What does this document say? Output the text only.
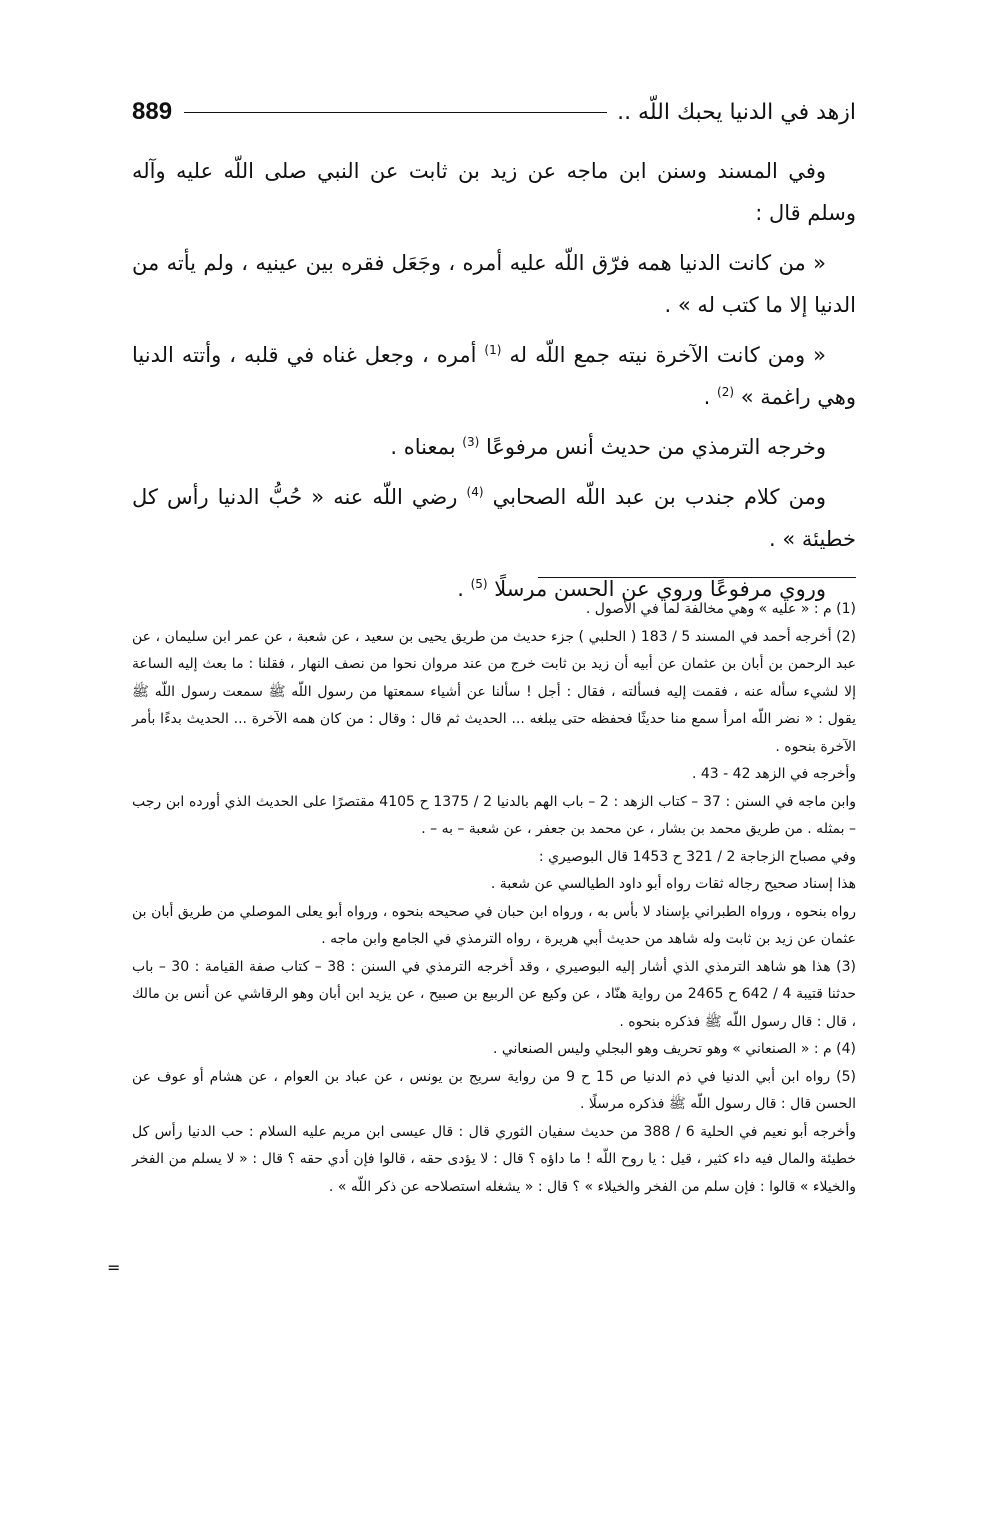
ازهد في الدنيا يحبك اللّه ..
889

وفي المسند وسنن ابن ماجه عن زيد بن ثابت عن النبي صلى اللّه عليه وآله وسلم قال :

« من كانت الدنيا همه فرّق اللّه عليه أمره ، وجَعَل فقره بين عينيه ، ولم يأته من الدنيا إلا ما كتب له » .

« ومن كانت الآخرة نيته جمع اللّه له $^{(1)}$ أمره ، وجعل غناه في قلبه ، وأتته الدنيا وهي راغمة » $^{(2)}$ .

وخرجه الترمذي من حديث أنس مرفوعًا $^{(3)}$ بمعناه .

ومن كلام جندب بن عبد اللّه الصحابي $^{(4)}$ رضي اللّه عنه « حُبُّ الدنيا رأس كل خطيئة » .

وروي مرفوعًا وروي عن الحسن مرسلًا $^{(5)}$ .

(1) م : « عليه » وهي مخالفة لما في الأصول .

(2) أخرجه أحمد في المسند 5 / 183 ( الحلبي ) جزء حديث من طريق يحيى بن سعيد ، عن شعبة ، عن عمر ابن سليمان ، عن عبد الرحمن بن أبان بن عثمان عن أبيه أن زيد بن ثابت خرج من عند مروان نحوا من نصف النهار ، فقلنا : ما بعث إليه الساعة إلا لشيء سأله عنه ، فقمت إليه فسألته ، فقال : أجل ! سألنا عن أشياء سمعتها من رسول اللّه ﷺ سمعت رسول اللّه ﷺ يقول : « نضر اللّه امرأ سمع منا حديثًا فحفظه حتى يبلغه ... الحديث ثم قال : وقال : من كان همه الآخرة ... الحديث بدءًا بأمر الآخرة بنحوه .

وأخرجه في الزهد 42 - 43 .

وابن ماجه في السنن : 37 – كتاب الزهد : 2 – باب الهم بالدنيا 2 / 1375 ح 4105 مقتصرًا على الحديث الذي أورده ابن رجب – بمثله . من طريق محمد بن بشار ، عن محمد بن جعفر ، عن شعبة – به – .

وفي مصباح الزجاجة 2 / 321 ح 1453 قال البوصيري :

هذا إسناد صحيح رجاله ثقات رواه أبو داود الطيالسي عن شعبة .

رواه بنحوه ، ورواه الطبراني بإسناد لا بأس به ، ورواه ابن حبان في صحيحه بنحوه ، ورواه أبو يعلى الموصلي من طريق أبان بن عثمان عن زيد بن ثابت وله شاهد من حديث أبي هريرة ، رواه الترمذي في الجامع وابن ماجه .

(3) هذا هو شاهد الترمذي الذي أشار إليه البوصيري ، وقد أخرجه الترمذي في السنن : 38 – كتاب صفة القيامة : 30 – باب حدثنا قتيبة 4 / 642 ح 2465 من رواية هنّاد ، عن وكيع عن الربيع بن صبيح ، عن يزيد ابن أبان وهو الرقاشي عن أنس بن مالك ، قال : قال رسول اللّه ﷺ فذكره بنحوه .

(4) م : « الصنعاني » وهو تحريف وهو البجلي وليس الصنعاني .

(5) رواه ابن أبي الدنيا في ذم الدنيا ص 15 ح 9 من رواية سريج بن يونس ، عن عباد بن العوام ، عن هشام أو عوف عن الحسن قال : قال رسول اللّه ﷺ فذكره مرسلًا .

وأخرجه أبو نعيم في الحلية 6 / 388 من حديث سفيان الثوري قال : قال عيسى ابن مريم عليه السلام : حب الدنيا رأس كل خطيئة والمال فيه داء كثير ، قيل : يا روح اللّه ! ما داؤه ؟ قال : لا يؤدى حقه ، قالوا فإن أدي حقه ؟ قال : « لا يسلم من الفخر والخيلاء » قالوا : فإن سلم من الفخر والخيلاء » ؟ قال : « يشغله استصلاحه عن ذكر اللّه » .

=
